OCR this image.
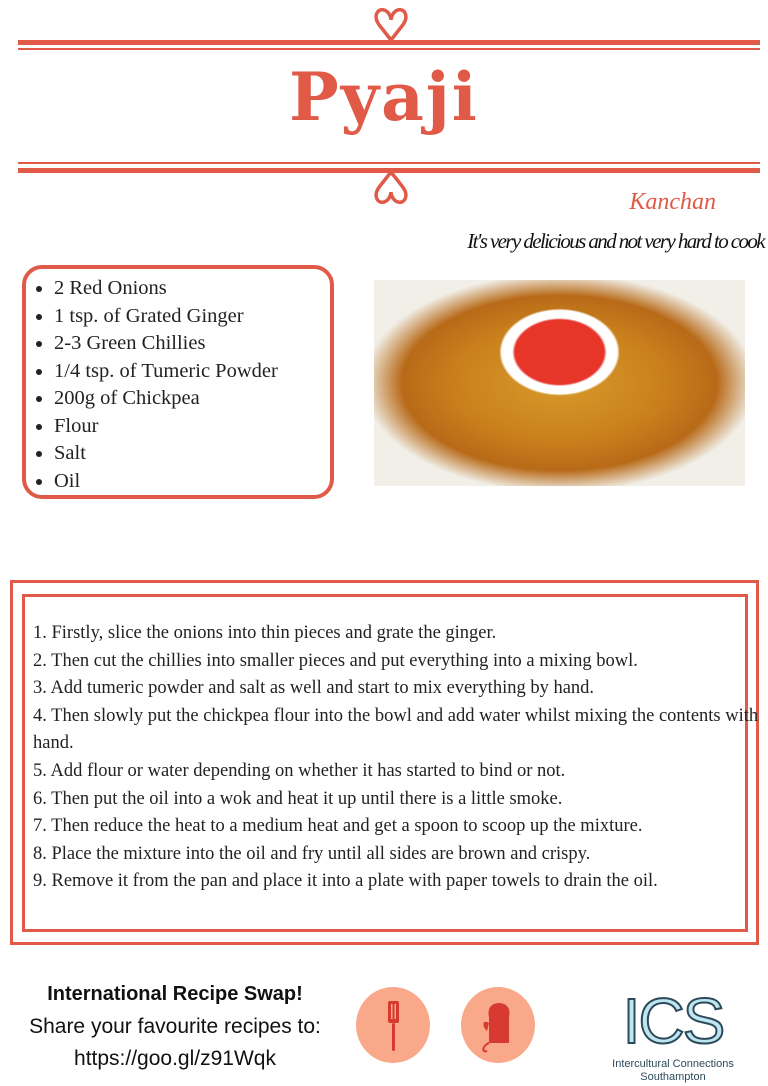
Pyaji
Kanchan
It's very delicious and not very hard to cook
• 2 Red Onions
• 1 tsp. of Grated Ginger
• 2-3 Green Chillies
• 1/4 tsp. of Tumeric Powder
• 200g of Chickpea
• Flour
• Salt
• Oil
1. Firstly, slice the onions into thin pieces and grate the ginger.
2. Then cut the chillies into smaller pieces and put everything into a mixing bowl.
3. Add tumeric powder and salt as well and start to mix everything by hand.
4. Then slowly put the chickpea flour into the bowl and add water whilst mixing the contents with hand.
5. Add flour or water depending on whether it has started to bind or not.
6. Then put the oil into a wok and heat it up until there is a little smoke.
7. Then reduce the heat to a medium heat and get a spoon to scoop up the mixture.
8. Place the mixture into the oil and fry until all sides are brown and crispy.
9. Remove it from the pan and place it into a plate with paper towels to drain the oil.
International Recipe Swap!
Share your favourite recipes to:
https://goo.gl/z91Wqk
ICS
Intercultural Connections
Southampton
